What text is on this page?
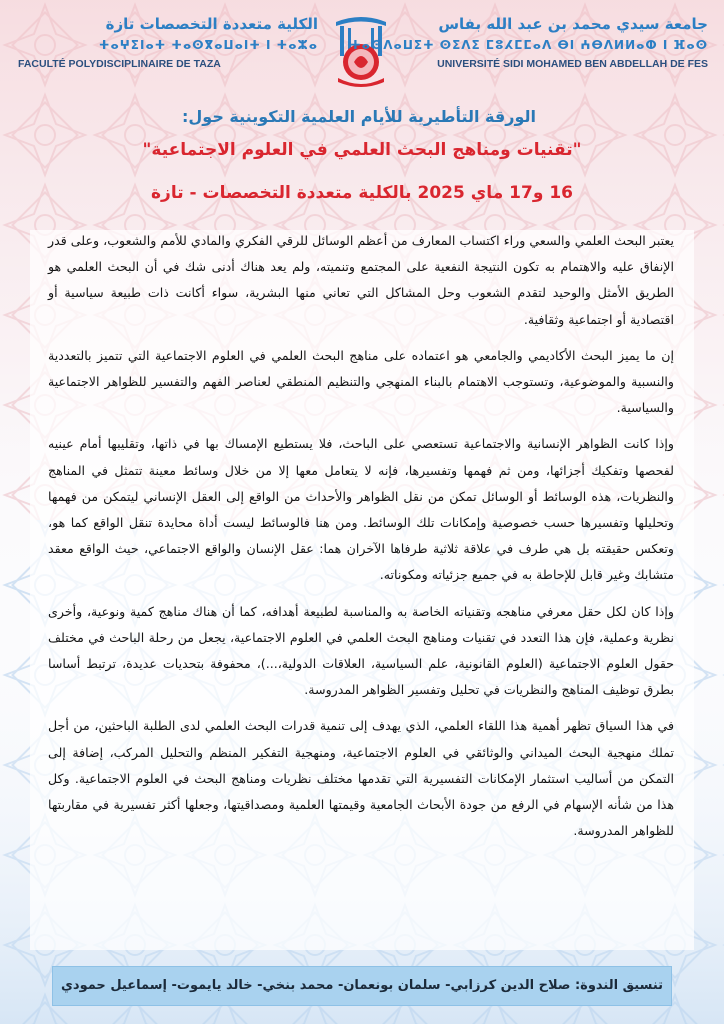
الكلية متعددة التخصصات تازة
ⵜⴰⵖⵉⵏⴰⵜ ⵜⴰⵙⴳⴰⵡⴰⵏⵜ ⵏ ⵜⴰⵣⴰ
FACULTÉ POLYDISCIPLINAIRE DE TAZA
جامعة سيدي محمد بن عبد الله بفاس
ⵜⴰⵙⴷⴰⵡⵉⵜ ⵙⵉⴷⵉ ⵎⵓⵃⵎⵎⴰⴷ ⴱⵏ ⵄⴱⴷⵍⵍⴰⵀ ⵏ ⴼⴰⵙ
UNIVERSITÉ SIDI MOHAMED BEN ABDELLAH DE FES
الورقة التأطيرية للأيام العلمية التكوينية حول:
"تقنيات ومناهج البحث العلمي في العلوم الاجتماعية"
16 و17 ماي 2025 بالكلية متعددة التخصصات - تازة

يعتبر البحث العلمي والسعي وراء اكتساب المعارف من أعظم الوسائل للرقي الفكري والمادي للأمم والشعوب، وعلى قدر الإنفاق عليه والاهتمام به تكون النتيجة النفعية على المجتمع وتنميته، ولم يعد هناك أدنى شك في أن البحث العلمي هو الطريق الأمثل والوحيد لتقدم الشعوب وحل المشاكل التي تعاني منها البشرية، سواء أكانت ذات طبيعة سياسية أو اقتصادية أو اجتماعية وثقافية.

إن ما يميز البحث الأكاديمي والجامعي هو اعتماده على مناهج البحث العلمي في العلوم الاجتماعية التي تتميز بالتعددية والنسبية والموضوعية، وتستوجب الاهتمام بالبناء المنهجي والتنظيم المنطقي لعناصر الفهم والتفسير للظواهر الاجتماعية والسياسية.

وإذا كانت الظواهر الإنسانية والاجتماعية تستعصي على الباحث، فلا يستطيع الإمساك بها في ذاتها، وتقليبها أمام عينيه لفحصها وتفكيك أجزائها، ومن ثم فهمها وتفسيرها، فإنه لا يتعامل معها إلا من خلال وسائط معينة تتمثل في المناهج والنظريات، هذه الوسائط أو الوسائل تمكن من نقل الظواهر والأحداث من الواقع إلى العقل الإنساني ليتمكن من فهمها وتحليلها وتفسيرها حسب خصوصية وإمكانات تلك الوسائط. ومن هنا فالوسائط ليست أداة محايدة تنقل الواقع كما هو، وتعكس حقيقته بل هي طرف في علاقة ثلاثية طرفاها الآخران هما: عقل الإنسان والواقع الاجتماعي، حيث الواقع معقد متشابك وغير قابل للإحاطة به في جميع جزئياته ومكوناته.

وإذا كان لكل حقل معرفي مناهجه وتقنياته الخاصة به والمناسبة لطبيعة أهدافه، كما أن هناك مناهج كمية ونوعية، وأخرى نظرية وعملية، فإن هذا التعدد في تقنيات ومناهج البحث العلمي في العلوم الاجتماعية، يجعل من رحلة الباحث في مختلف حقول العلوم الاجتماعية (العلوم القانونية، علم السياسية، العلاقات الدولية،...)، محفوفة بتحديات عديدة، ترتبط أساسا بطرق توظيف المناهج والنظريات في تحليل وتفسير الظواهر المدروسة.

في هذا السياق تظهر أهمية هذا اللقاء العلمي، الذي يهدف إلى تنمية قدرات البحث العلمي لدى الطلبة الباحثين، من أجل تملك منهجية البحث الميداني والوثائقي في العلوم الاجتماعية، ومنهجية التفكير المنظم والتحليل المركب، إضافة إلى التمكن من أساليب استثمار الإمكانات التفسيرية التي تقدمها مختلف نظريات ومناهج البحث في العلوم الاجتماعية. وكل هذا من شأنه الإسهام في الرفع من جودة الأبحاث الجامعية وقيمتها العلمية ومصداقيتها، وجعلها أكثر تفسيرية في مقاربتها للظواهر المدروسة.

تنسيق الندوة: صلاح الدين كرزابي- سلمان بونعمان- محمد بنخي- خالد يايموت- إسماعيل حمودي
